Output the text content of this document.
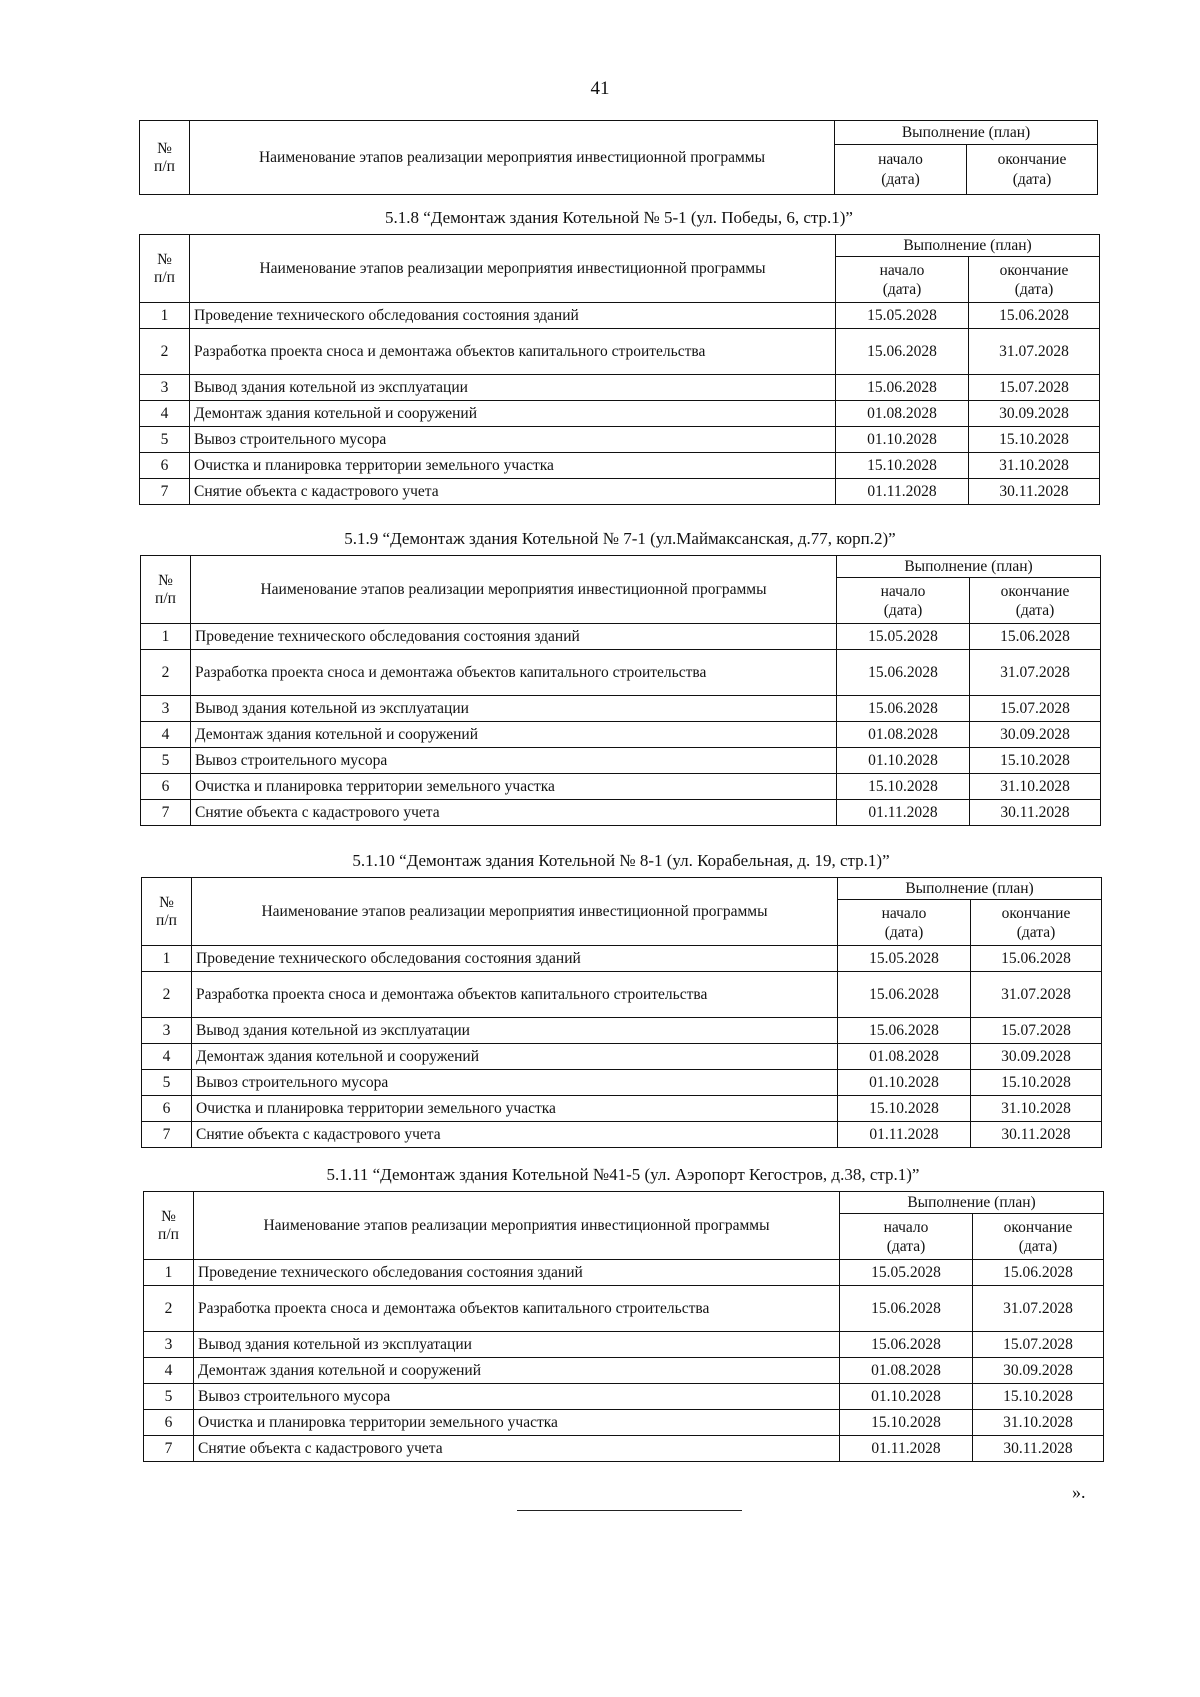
41
№ п/п	Наименование этапов реализации мероприятия инвестиционной программы	Выполнение (план)	
		начало (дата)	окончание (дата)
5.1.8 “Демонтаж здания Котельной № 5-1 (ул. Победы, 6, стр.1)”
№ п/п	Наименование этапов реализации мероприятия инвестиционной программы	Выполнение (план)	
		начало (дата)	окончание (дата)
1	Проведение технического обследования состояния зданий	15.05.2028	15.06.2028
2	Разработка проекта сноса и демонтажа объектов капитального строительства	15.06.2028	31.07.2028
3	Вывод здания котельной из эксплуатации	15.06.2028	15.07.2028
4	Демонтаж здания котельной и сооружений	01.08.2028	30.09.2028
5	Вывоз строительного мусора	01.10.2028	15.10.2028
6	Очистка и планировка территории земельного участка	15.10.2028	31.10.2028
7	Снятие объекта с кадастрового учета	01.11.2028	30.11.2028
5.1.9 “Демонтаж здания Котельной № 7-1 (ул.Маймаксанская, д.77, корп.2)”
№ п/п	Наименование этапов реализации мероприятия инвестиционной программы	Выполнение (план)	
		начало (дата)	окончание (дата)
1	Проведение технического обследования состояния зданий	15.05.2028	15.06.2028
2	Разработка проекта сноса и демонтажа объектов капитального строительства	15.06.2028	31.07.2028
3	Вывод здания котельной из эксплуатации	15.06.2028	15.07.2028
4	Демонтаж здания котельной и сооружений	01.08.2028	30.09.2028
5	Вывоз строительного мусора	01.10.2028	15.10.2028
6	Очистка и планировка территории земельного участка	15.10.2028	31.10.2028
7	Снятие объекта с кадастрового учета	01.11.2028	30.11.2028
5.1.10 “Демонтаж здания Котельной № 8-1 (ул. Корабельная, д. 19, стр.1)”
№ п/п	Наименование этапов реализации мероприятия инвестиционной программы	Выполнение (план)	
		начало (дата)	окончание (дата)
1	Проведение технического обследования состояния зданий	15.05.2028	15.06.2028
2	Разработка проекта сноса и демонтажа объектов капитального строительства	15.06.2028	31.07.2028
3	Вывод здания котельной из эксплуатации	15.06.2028	15.07.2028
4	Демонтаж здания котельной и сооружений	01.08.2028	30.09.2028
5	Вывоз строительного мусора	01.10.2028	15.10.2028
6	Очистка и планировка территории земельного участка	15.10.2028	31.10.2028
7	Снятие объекта с кадастрового учета	01.11.2028	30.11.2028
5.1.11 “Демонтаж здания Котельной №41-5 (ул. Аэропорт Кегостров, д.38, стр.1)”
№ п/п	Наименование этапов реализации мероприятия инвестиционной программы	Выполнение (план)	
		начало (дата)	окончание (дата)
1	Проведение технического обследования состояния зданий	15.05.2028	15.06.2028
2	Разработка проекта сноса и демонтажа объектов капитального строительства	15.06.2028	31.07.2028
3	Вывод здания котельной из эксплуатации	15.06.2028	15.07.2028
4	Демонтаж здания котельной и сооружений	01.08.2028	30.09.2028
5	Вывоз строительного мусора	01.10.2028	15.10.2028
6	Очистка и планировка территории земельного участка	15.10.2028	31.10.2028
7	Снятие объекта с кадастрового учета	01.11.2028	30.11.2028
».
